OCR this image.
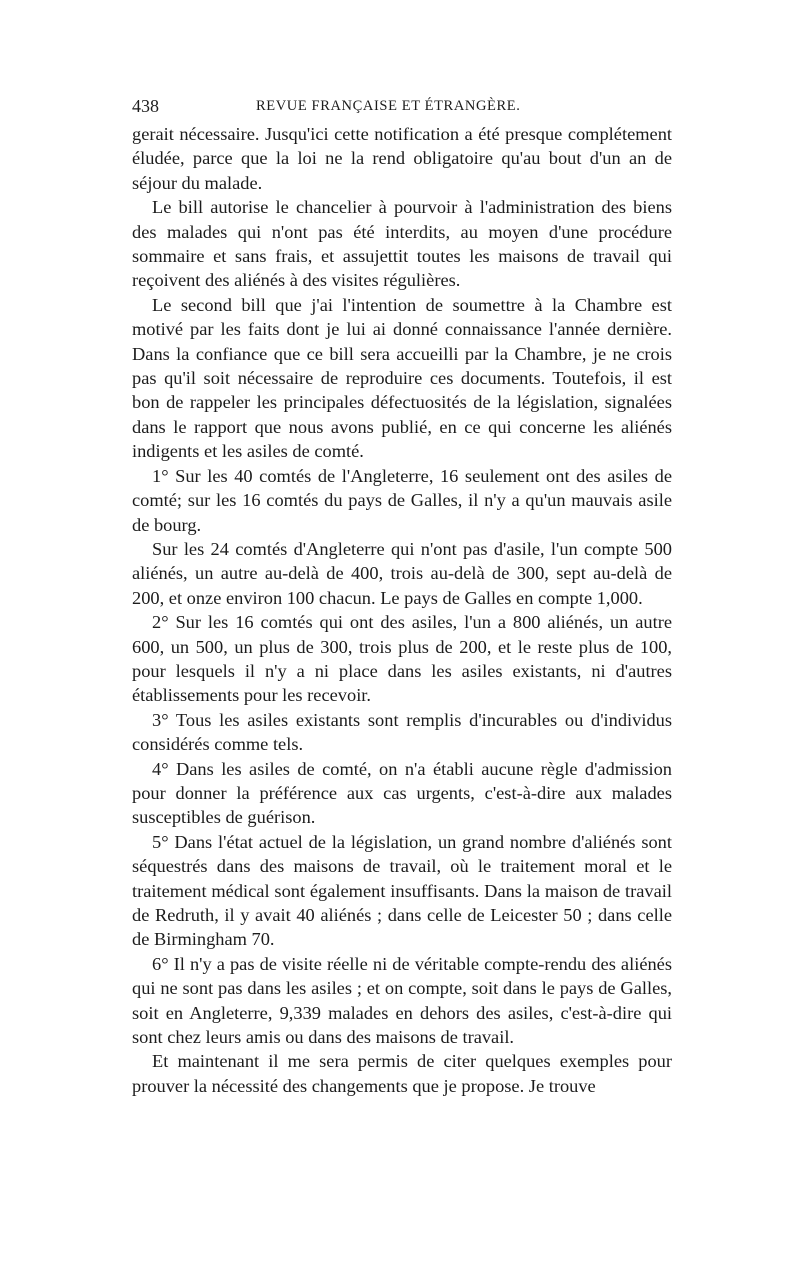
438	REVUE FRANÇAISE ET ÉTRANGÈRE.

gerait nécessaire. Jusqu'ici cette notification a été presque complétement éludée, parce que la loi ne la rend obligatoire qu'au bout d'un an de séjour du malade.

Le bill autorise le chancelier à pourvoir à l'administration des biens des malades qui n'ont pas été interdits, au moyen d'une procédure sommaire et sans frais, et assujettit toutes les maisons de travail qui reçoivent des aliénés à des visites régulières.

Le second bill que j'ai l'intention de soumettre à la Chambre est motivé par les faits dont je lui ai donné connaissance l'année dernière. Dans la confiance que ce bill sera accueilli par la Chambre, je ne crois pas qu'il soit nécessaire de reproduire ces documents. Toutefois, il est bon de rappeler les principales défectuosités de la législation, signalées dans le rapport que nous avons publié, en ce qui concerne les aliénés indigents et les asiles de comté.

1° Sur les 40 comtés de l'Angleterre, 16 seulement ont des asiles de comté; sur les 16 comtés du pays de Galles, il n'y a qu'un mauvais asile de bourg.

Sur les 24 comtés d'Angleterre qui n'ont pas d'asile, l'un compte 500 aliénés, un autre au-delà de 400, trois au-delà de 300, sept au-delà de 200, et onze environ 100 chacun. Le pays de Galles en compte 1,000.

2° Sur les 16 comtés qui ont des asiles, l'un a 800 aliénés, un autre 600, un 500, un plus de 300, trois plus de 200, et le reste plus de 100, pour lesquels il n'y a ni place dans les asiles existants, ni d'autres établissements pour les recevoir.

3° Tous les asiles existants sont remplis d'incurables ou d'individus considérés comme tels.

4° Dans les asiles de comté, on n'a établi aucune règle d'admission pour donner la préférence aux cas urgents, c'est-à-dire aux malades susceptibles de guérison.

5° Dans l'état actuel de la législation, un grand nombre d'aliénés sont séquestrés dans des maisons de travail, où le traitement moral et le traitement médical sont également insuffisants. Dans la maison de travail de Redruth, il y avait 40 aliénés ; dans celle de Leicester 50 ; dans celle de Birmingham 70.

6° Il n'y a pas de visite réelle ni de véritable compte-rendu des aliénés qui ne sont pas dans les asiles ; et on compte, soit dans le pays de Galles, soit en Angleterre, 9,339 malades en dehors des asiles, c'est-à-dire qui sont chez leurs amis ou dans des maisons de travail.

Et maintenant il me sera permis de citer quelques exemples pour prouver la nécessité des changements que je propose. Je trouve
